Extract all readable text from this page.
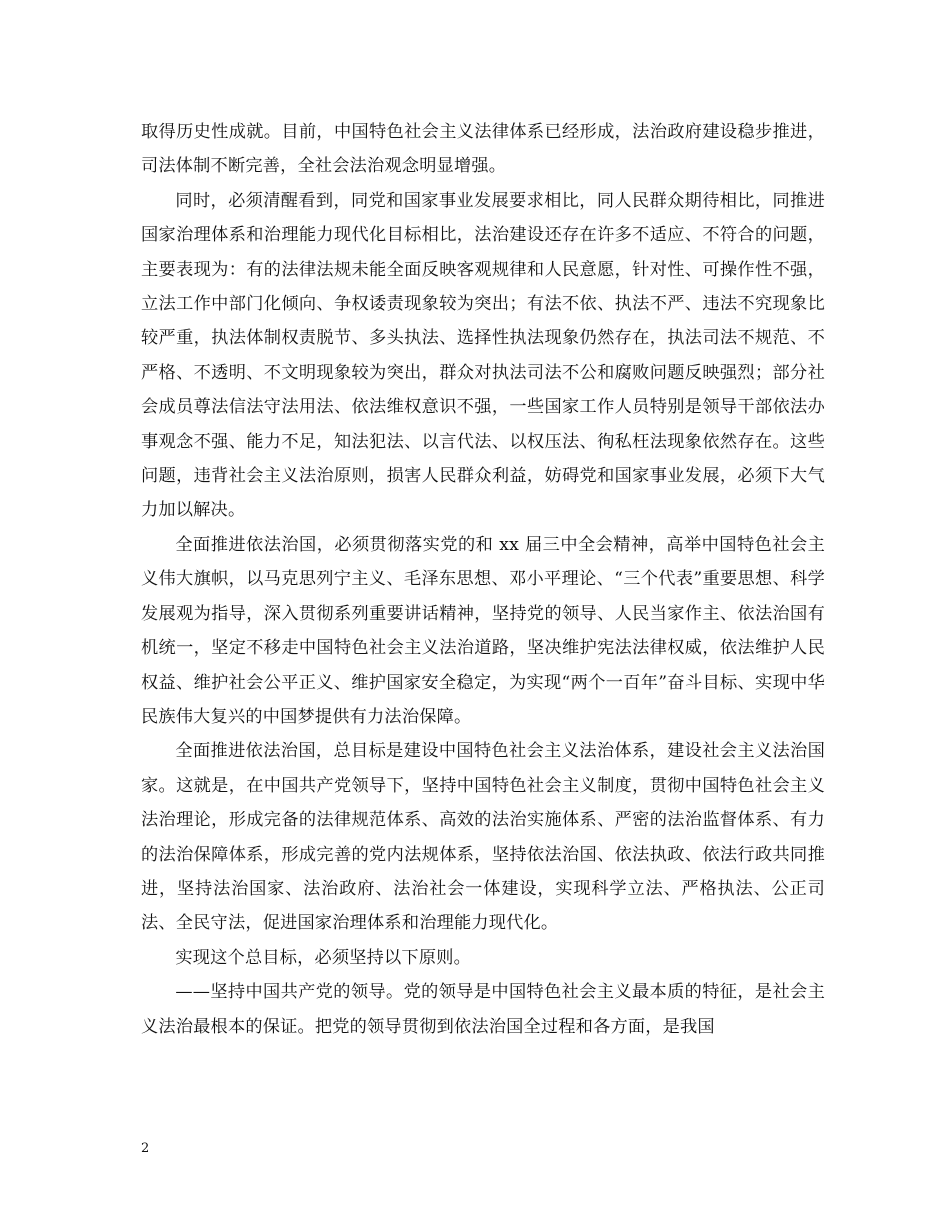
取得历史性成就。目前，中国特色社会主义法律体系已经形成，法治政府建设稳步推进，司法体制不断完善，全社会法治观念明显增强。

同时，必须清醒看到，同党和国家事业发展要求相比，同人民群众期待相比，同推进国家治理体系和治理能力现代化目标相比，法治建设还存在许多不适应、不符合的问题，主要表现为：有的法律法规未能全面反映客观规律和人民意愿，针对性、可操作性不强，立法工作中部门化倾向、争权诿责现象较为突出；有法不依、执法不严、违法不究现象比较严重，执法体制权责脱节、多头执法、选择性执法现象仍然存在，执法司法不规范、不严格、不透明、不文明现象较为突出，群众对执法司法不公和腐败问题反映强烈；部分社会成员尊法信法守法用法、依法维权意识不强，一些国家工作人员特别是领导干部依法办事观念不强、能力不足，知法犯法、以言代法、以权压法、徇私枉法现象依然存在。这些问题，违背社会主义法治原则，损害人民群众利益，妨碍党和国家事业发展，必须下大气力加以解决。

全面推进依法治国，必须贯彻落实党的和 xx 届三中全会精神，高举中国特色社会主义伟大旗帜，以马克思列宁主义、毛泽东思想、邓小平理论、“三个代表”重要思想、科学发展观为指导，深入贯彻系列重要讲话精神，坚持党的领导、人民当家作主、依法治国有机统一，坚定不移走中国特色社会主义法治道路，坚决维护宪法法律权威，依法维护人民权益、维护社会公平正义、维护国家安全稳定，为实现“两个一百年”奋斗目标、实现中华民族伟大复兴的中国梦提供有力法治保障。

全面推进依法治国，总目标是建设中国特色社会主义法治体系，建设社会主义法治国家。这就是，在中国共产党领导下，坚持中国特色社会主义制度，贯彻中国特色社会主义法治理论，形成完备的法律规范体系、高效的法治实施体系、严密的法治监督体系、有力的法治保障体系，形成完善的党内法规体系，坚持依法治国、依法执政、依法行政共同推进，坚持法治国家、法治政府、法治社会一体建设，实现科学立法、严格执法、公正司法、全民守法，促进国家治理体系和治理能力现代化。

实现这个总目标，必须坚持以下原则。

——坚持中国共产党的领导。党的领导是中国特色社会主义最本质的特征，是社会主义法治最根本的保证。把党的领导贯彻到依法治国全过程和各方面，是我国

2
